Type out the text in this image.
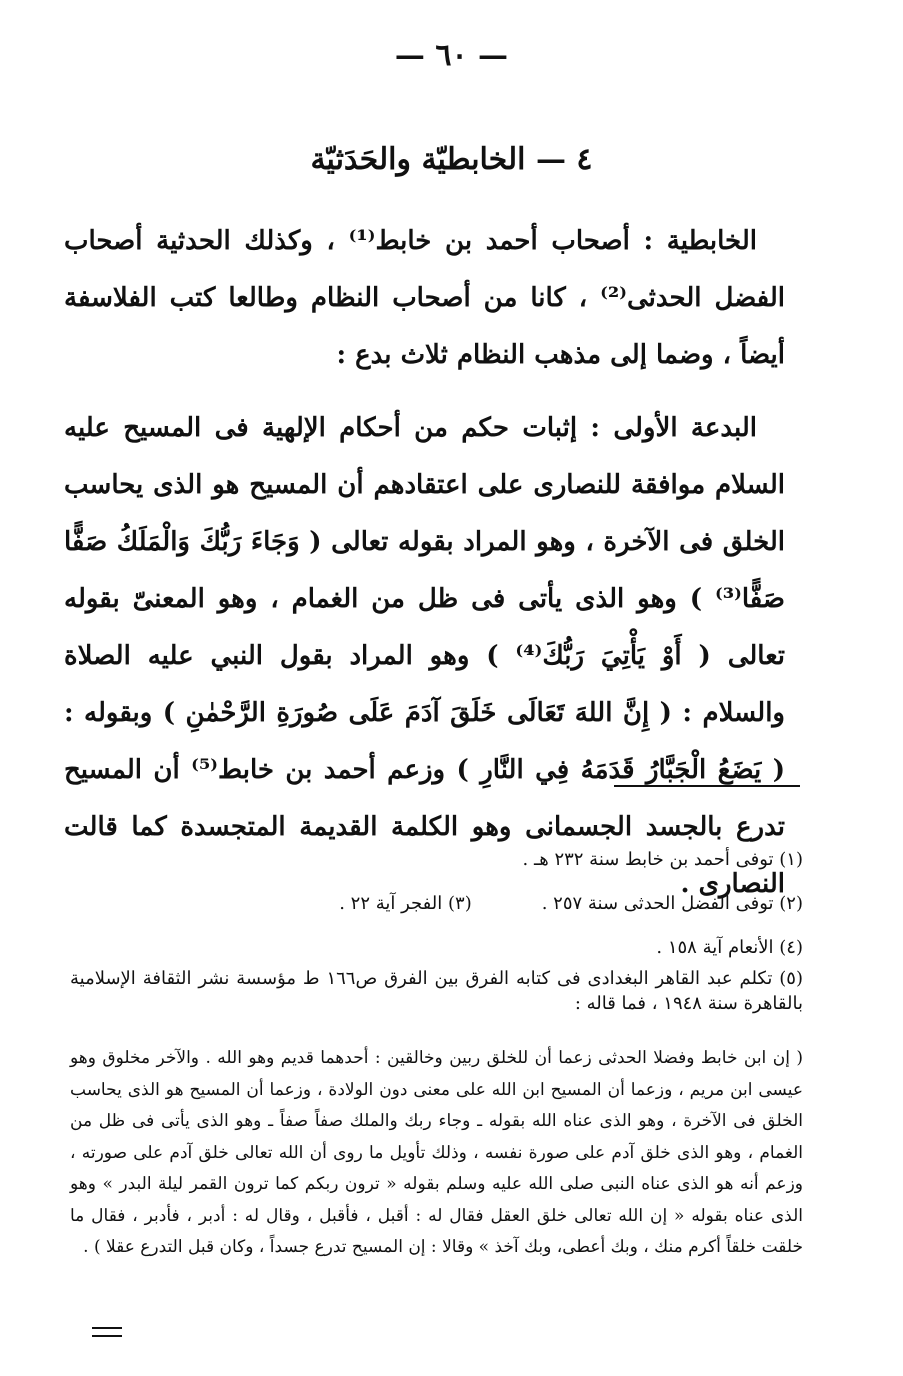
— ٦٠ —
٤ — الخابطيّة والحَدَثيّة

الخابطية : أصحاب أحمد بن خابط⁽¹⁾ ، وكذلك الحدثية أصحاب الفضل الحدثى⁽²⁾ ، كانا من أصحاب النظام وطالعا كتب الفلاسفة أيضاً ، وضما إلى مذهب النظام ثلاث بدع :

البدعة الأولى : إثبات حكم من أحكام الإلهية فى المسيح عليه السلام موافقة للنصارى على اعتقادهم أن المسيح هو الذى يحاسب الخلق فى الآخرة ، وهو المراد بقوله تعالى ( وَجَاءَ رَبُّكَ وَالْمَلَكُ صَفًّا صَفًّا⁽³⁾ ) وهو الذى يأتى فى ظل من الغمام ، وهو المعنىّ بقوله تعالى ( أَوْ يَأْتِيَ رَبُّكَ⁽⁴⁾ ) وهو المراد بقول النبي عليه الصلاة والسلام : ( إِنَّ اللهَ تَعَالَى خَلَقَ آدَمَ عَلَى صُورَةِ الرَّحْمٰنِ ) وبقوله : ( يَضَعُ الْجَبَّارُ قَدَمَهُ فِي النَّارِ ) وزعم أحمد بن خابط⁽⁵⁾ أن المسيح تدرع بالجسد الجسمانى وهو الكلمة القديمة المتجسدة كما قالت النصارى .

(١) توفى أحمد بن خابط سنة ٢٣٢ هـ .
(٢) توفى الفضل الحدثى سنة ٢٥٧ .
(٣) الفجر آية ٢٢ .
(٤) الأنعام آية ١٥٨ .
(٥) تكلم عبد القاهر البغدادى فى كتابه الفرق بين الفرق ص١٦٦ ط مؤسسة نشر الثقافة الإسلامية بالقاهرة سنة ١٩٤٨ ، فما قاله :
( إن ابن خابط وفضلا الحدثى زعما أن للخلق ربين وخالقين : أحدهما قديم وهو الله . والآخر مخلوق وهو عيسى ابن مريم ، وزعما أن المسيح ابن الله على معنى دون الولادة ، وزعما أن المسيح هو الذى يحاسب الخلق فى الآخرة ، وهو الذى عناه الله بقوله ـ وجاء ربك والملك صفاً صفاً ـ وهو الذى يأتى فى ظل من الغمام ، وهو الذى خلق آدم على صورة نفسه ، وذلك تأويل ما روى أن الله تعالى خلق آدم على صورته ، وزعم أنه هو الذى عناه النبى صلى الله عليه وسلم بقوله « ترون ربكم كما ترون القمر ليلة البدر » وهو الذى عناه بقوله « إن الله تعالى خلق العقل فقال له : أقبل ، فأقبل ، وقال له : أدبر ، فأدبر ، فقال ما خلقت خلقاً أكرم منك ، وبك أعطى، وبك آخذ » وقالا : إن المسيح تدرع جسداً ، وكان قبل التدرع عقلا ) .
